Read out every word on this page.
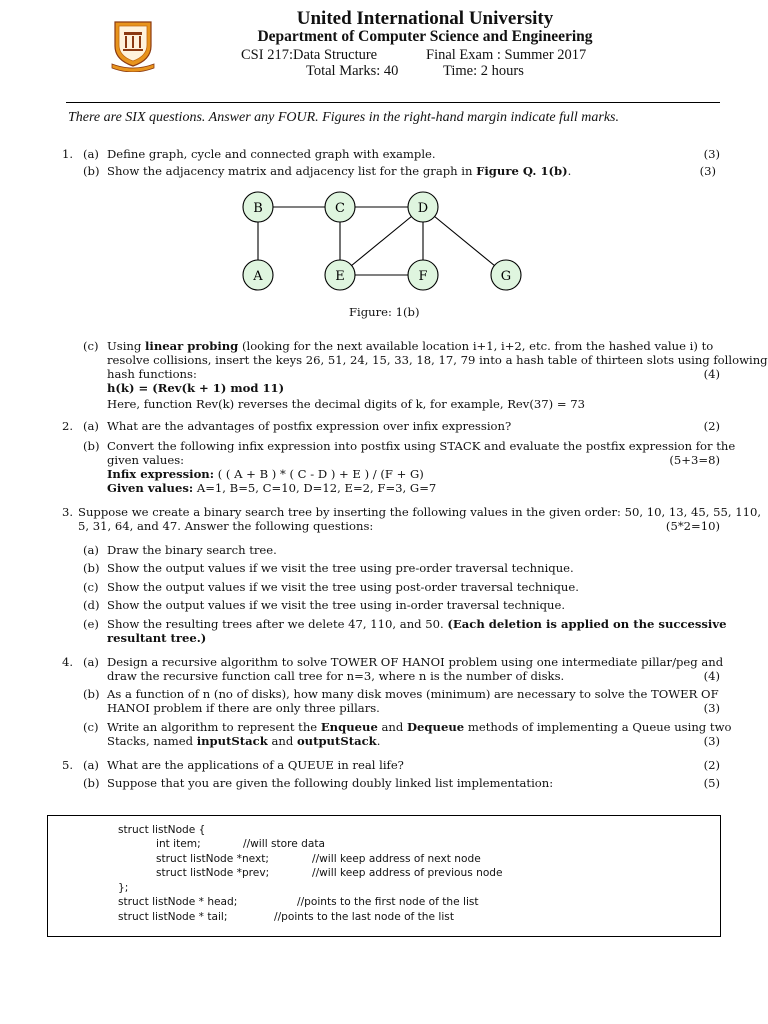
United International University
Department of Computer Science and Engineering
CSI 217:Data Structure	Final Exam : Summer 2017
Total Marks: 40	Time: 2 hours
There are SIX questions. Answer any FOUR. Figures in the right-hand margin indicate full marks.
1. (a) Define graph, cycle and connected graph with example.	(3)
(b) Show the adjacency matrix and adjacency list for the graph in Figure Q. 1(b).	(3)
B	C	D
A	E	F	G
Figure: 1(b)
(c) Using linear probing (looking for the next available location i+1, i+2, etc. from the hashed value i) to
resolve collisions, insert the keys 26, 51, 24, 15, 33, 18, 17, 79 into a hash table of thirteen slots using following
hash functions:	(4)
h(k) = (Rev(k + 1) mod 11)
Here, function Rev(k) reverses the decimal digits of k, for example, Rev(37) = 73
2. (a) What are the advantages of postfix expression over infix expression?	(2)
(b) Convert the following infix expression into postfix using STACK and evaluate the postfix expression for the
given values:	(5+3=8)
Infix expression: ( ( A + B ) * ( C - D ) + E ) / (F + G)
Given values: A=1, B=5, C=10, D=12, E=2, F=3, G=7
3. Suppose we create a binary search tree by inserting the following values in the given order: 50, 10, 13, 45, 55, 110,
5, 31, 64, and 47. Answer the following questions:	(5*2=10)
(a) Draw the binary search tree.
(b) Show the output values if we visit the tree using pre-order traversal technique.
(c) Show the output values if we visit the tree using post-order traversal technique.
(d) Show the output values if we visit the tree using in-order traversal technique.
(e) Show the resulting trees after we delete 47, 110, and 50. (Each deletion is applied on the successive
resultant tree.)
4. (a) Design a recursive algorithm to solve TOWER OF HANOI problem using one intermediate pillar/peg and
draw the recursive function call tree for n=3, where n is the number of disks.	(4)
(b) As a function of n (no of disks), how many disk moves (minimum) are necessary to solve the TOWER OF
HANOI problem if there are only three pillars.	(3)
(c) Write an algorithm to represent the Enqueue and Dequeue methods of implementing a Queue using two
Stacks, named inputStack and outputStack.	(3)
5. (a) What are the applications of a QUEUE in real life?	(2)
(b) Suppose that you are given the following doubly linked list implementation:	(5)
struct listNode {
int item;	//will store data
struct listNode *next;	//will keep address of next node
struct listNode *prev;	//will keep address of previous node
};
struct listNode * head;	//points to the first node of the list
struct listNode * tail;	//points to the last node of the list
